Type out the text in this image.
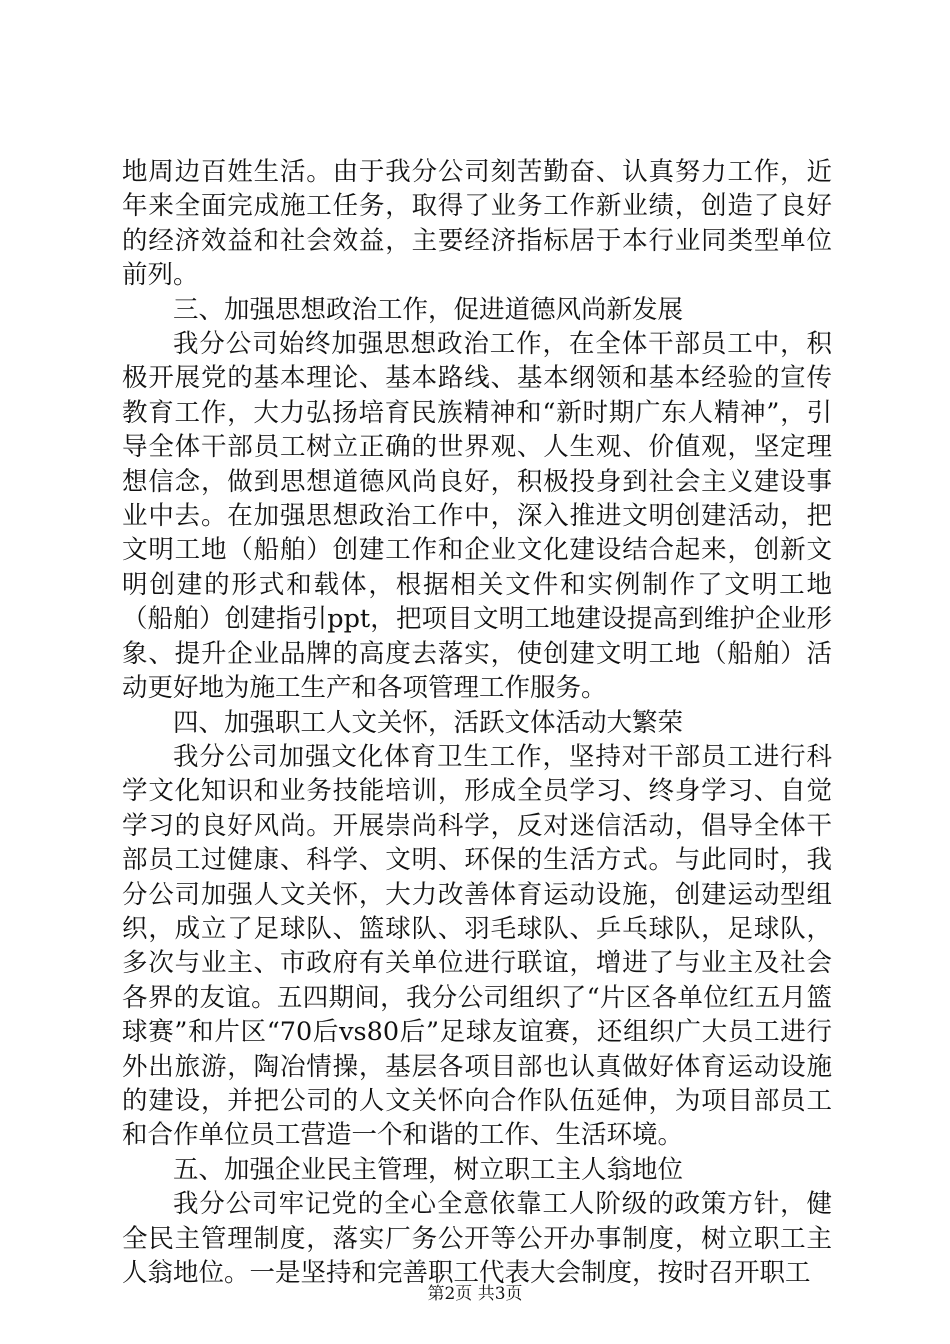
地周边百姓生活。由于我分公司刻苦勤奋、认真努力工作，近年来全面完成施工任务，取得了业务工作新业绩，创造了良好的经济效益和社会效益，主要经济指标居于本行业同类型单位前列。

三、加强思想政治工作，促进道德风尚新发展

我分公司始终加强思想政治工作，在全体干部员工中，积极开展党的基本理论、基本路线、基本纲领和基本经验的宣传教育工作，大力弘扬培育民族精神和“新时期广东人精神”，引导全体干部员工树立正确的世界观、人生观、价值观，坚定理想信念，做到思想道德风尚良好，积极投身到社会主义建设事业中去。在加强思想政治工作中，深入推进文明创建活动，把文明工地（船舶）创建工作和企业文化建设结合起来，创新文明创建的形式和载体，根据相关文件和实例制作了文明工地（船舶）创建指引ppt，把项目文明工地建设提高到维护企业形象、提升企业品牌的高度去落实，使创建文明工地（船舶）活动更好地为施工生产和各项管理工作服务。

四、加强职工人文关怀，活跃文体活动大繁荣

我分公司加强文化体育卫生工作，坚持对干部员工进行科学文化知识和业务技能培训，形成全员学习、终身学习、自觉学习的良好风尚。开展崇尚科学，反对迷信活动，倡导全体干部员工过健康、科学、文明、环保的生活方式。与此同时，我分公司加强人文关怀，大力改善体育运动设施，创建运动型组织，成立了足球队、篮球队、羽毛球队、乒乓球队，足球队，多次与业主、市政府有关单位进行联谊，增进了与业主及社会各界的友谊。五四期间，我分公司组织了“片区各单位红五月篮球赛”和片区“70后vs80后”足球友谊赛，还组织广大员工进行外出旅游，陶冶情操，基层各项目部也认真做好体育运动设施的建设，并把公司的人文关怀向合作队伍延伸，为项目部员工和合作单位员工营造一个和谐的工作、生活环境。

五、加强企业民主管理，树立职工主人翁地位

我分公司牢记党的全心全意依靠工人阶级的政策方针，健全民主管理制度，落实厂务公开等公开办事制度，树立职工主人翁地位。一是坚持和完善职工代表大会制度，按时召开职工

第2页 共3页
